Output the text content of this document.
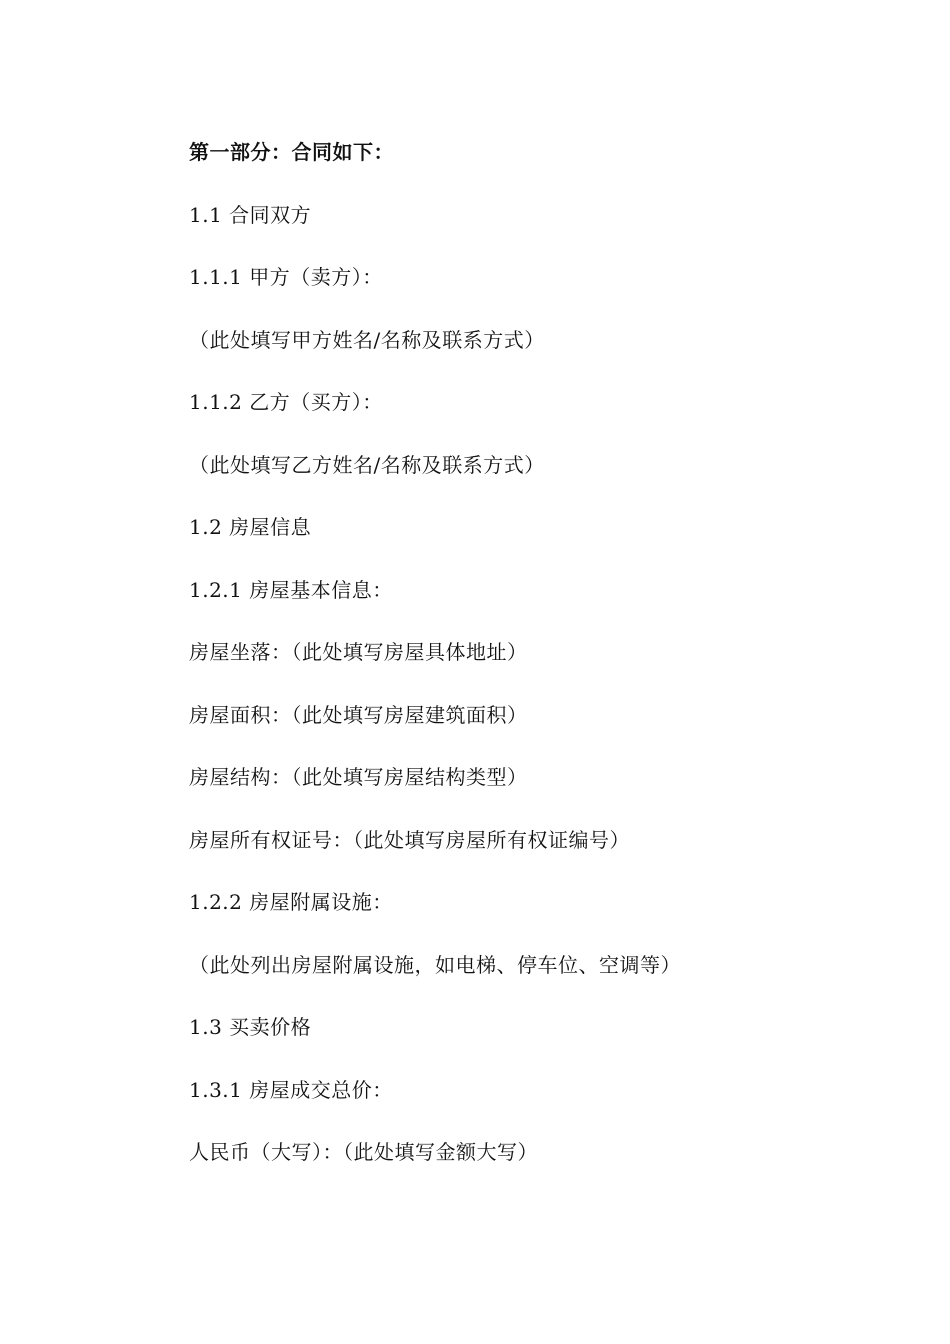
第一部分：合同如下：
1.1 合同双方
1.1.1 甲方（卖方）：
（此处填写甲方姓名/名称及联系方式）
1.1.2 乙方（买方）：
（此处填写乙方姓名/名称及联系方式）
1.2 房屋信息
1.2.1 房屋基本信息：
房屋坐落：（此处填写房屋具体地址）
房屋面积：（此处填写房屋建筑面积）
房屋结构：（此处填写房屋结构类型）
房屋所有权证号：（此处填写房屋所有权证编号）
1.2.2 房屋附属设施：
（此处列出房屋附属设施，如电梯、停车位、空调等）
1.3 买卖价格
1.3.1 房屋成交总价：
人民币（大写）：（此处填写金额大写）
